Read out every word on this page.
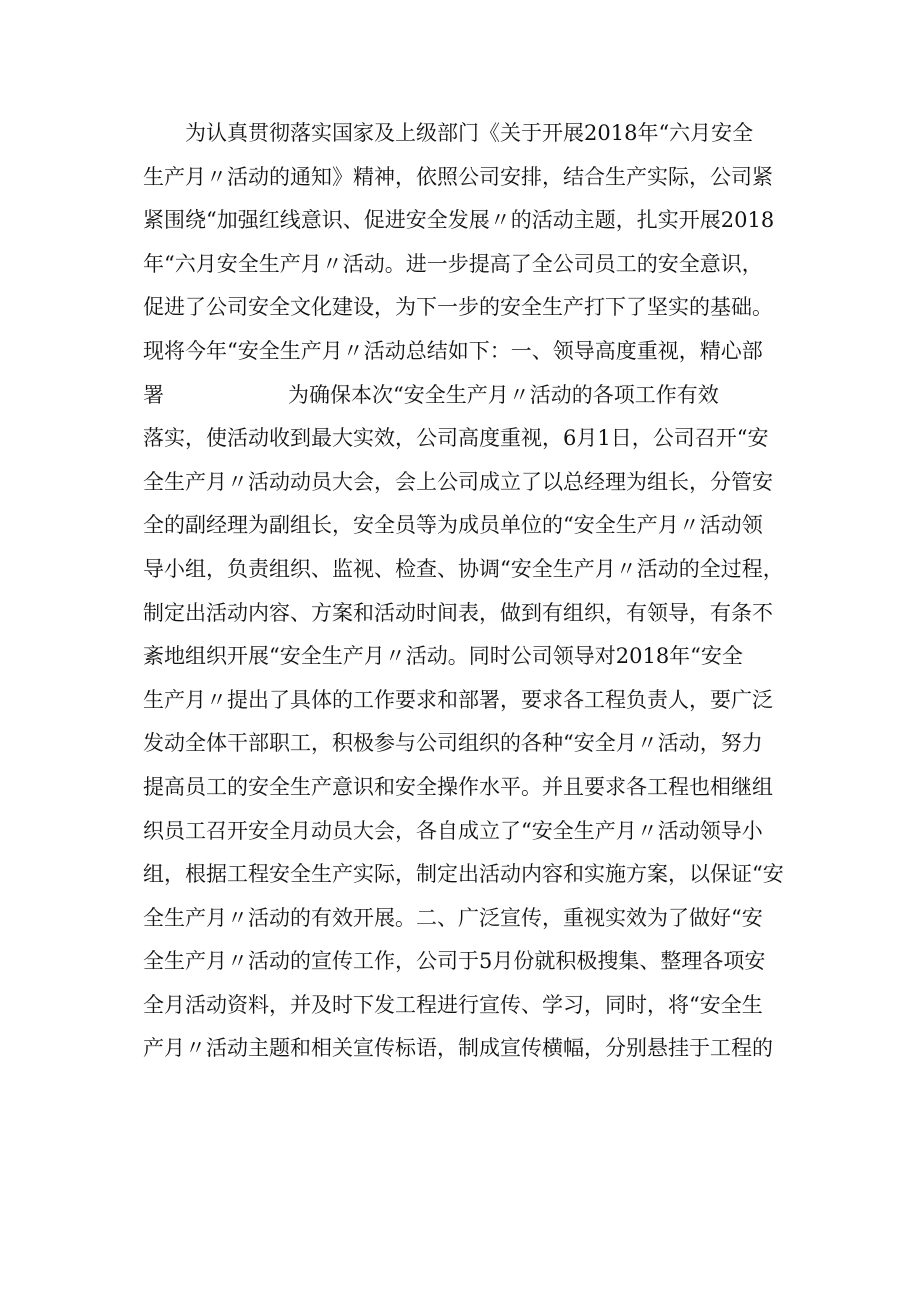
为认真贯彻落实国家及上级部门《关于开展2018年“六月安全
生产月〃活动的通知》精神，依照公司安排，结合生产实际，公司紧
紧围绕“加强红线意识、促进安全发展〃的活动主题，扎实开展2018
年“六月安全生产月〃活动。进一步提高了全公司员工的安全意识，
促进了公司安全文化建设，为下一步的安全生产打下了坚实的基础。
现将今年“安全生产月〃活动总结如下：一、领导高度重视，精心部
署	为确保本次“安全生产月〃活动的各项工作有效
落实，使活动收到最大实效，公司高度重视，6月1日，公司召开“安
全生产月〃活动动员大会，会上公司成立了以总经理为组长，分管安
全的副经理为副组长，安全员等为成员单位的“安全生产月〃活动领
导小组，负责组织、监视、检查、协调“安全生产月〃活动的全过程，
制定出活动内容、方案和活动时间表，做到有组织，有领导，有条不
紊地组织开展“安全生产月〃活动。同时公司领导对2018年“安全
生产月〃提出了具体的工作要求和部署，要求各工程负责人，要广泛
发动全体干部职工，积极参与公司组织的各种“安全月〃活动，努力
提高员工的安全生产意识和安全操作水平。并且要求各工程也相继组
织员工召开安全月动员大会，各自成立了“安全生产月〃活动领导小
组，根据工程安全生产实际，制定出活动内容和实施方案，以保证“安
全生产月〃活动的有效开展。二、广泛宣传，重视实效为了做好“安
全生产月〃活动的宣传工作，公司于5月份就积极搜集、整理各项安
全月活动资料，并及时下发工程进行宣传、学习，同时，将“安全生
产月〃活动主题和相关宣传标语，制成宣传横幅，分别悬挂于工程的
